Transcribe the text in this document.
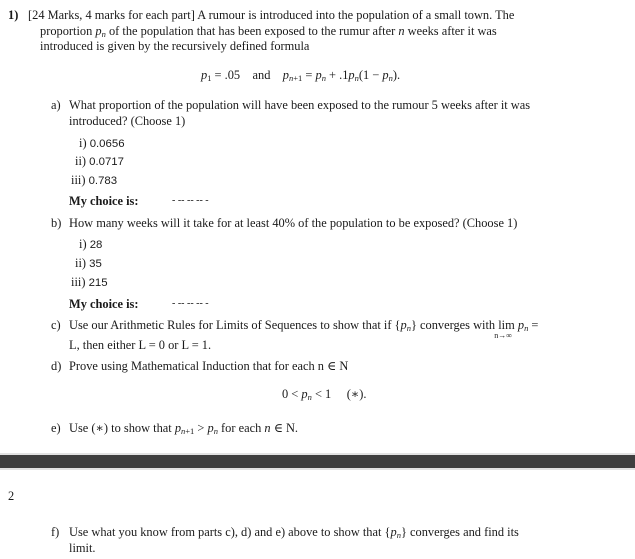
1) [24 Marks, 4 marks for each part] A rumour is introduced into the population of a small town. The
proportion $p_n$ of the population that has been exposed to the rumur after n weeks after it was
introduced is given by the recursively defined formula
$p_1 = .05$    and    $p_{n+1} = p_n + .1p_n(1 - p_n)$.
a) What proportion of the population will have been exposed to the rumour 5 weeks after it was
introduced? (Choose 1)
i) 0.0656
ii) 0.0717
iii) 0.783
My choice is:	- -- -- -- -
b) How many weeks will it take for at least 40% of the population to be exposed? (Choose 1)
i) 28
ii) 35
iii) 215
My choice is:	- -- -- -- -
c) Use our Arithmetic Rules for Limits of Sequences to show that if $\{p_n\}$ converges with lim
n→∞
$p_n$ =
L, then either L = 0 or L = 1.
d) Prove using Mathematical Induction that for each n ∈ N
$0 < p_n < 1$     (∗).
e) Use (∗) to show that $p_{n+1} > p_n$ for each n ∈ N.
2
f) Use what you know from parts c), d) and e) above to show that $\{p_n\}$ converges and find its
limit.
